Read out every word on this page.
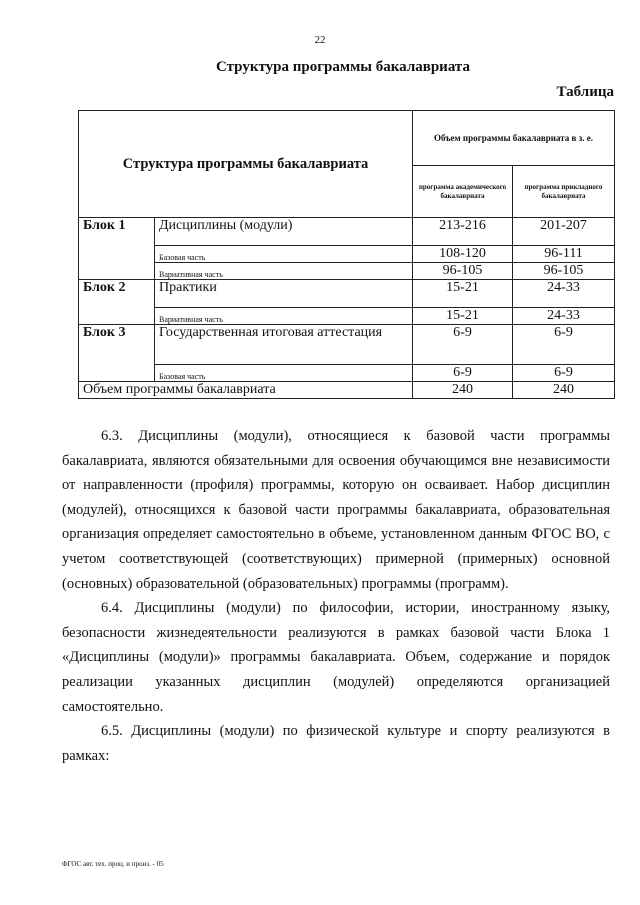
22
Структура программы бакалавриата
Таблица
Структура программы бакалавриата		Объем программы бакалавриата в з. е.	
		программа академического бакалавриата	программа прикладного бакалавриата
Блок 1	Дисциплины (модули)	213-216	201-207
	Базовая часть	108-120	96-111
	Вариативная часть	96-105	96-105
Блок 2	Практики	15-21	24-33
	Вариативная часть	15-21	24-33
Блок 3	Государственная итоговая аттестация	6-9	6-9
	Базовая часть	6-9	6-9
Объем программы бакалавриата		240	240

6.3. Дисциплины (модули), относящиеся к базовой части программы бакалавриата, являются обязательными для освоения обучающимся вне независимости от направленности (профиля) программы, которую он осваивает. Набор дисциплин (модулей), относящихся к базовой части программы бакалавриата, образовательная организация определяет самостоятельно в объеме, установленном данным ФГОС ВО, с учетом соответствующей (соответствующих) примерной (примерных) основной (основных) образовательной (образовательных) программы (программ).

6.4. Дисциплины (модули) по философии, истории, иностранному языку, безопасности жизнедеятельности реализуются в рамках базовой части Блока 1 «Дисциплины (модули)» программы бакалавриата. Объем, содержание и порядок реализации указанных дисциплин (модулей) определяются организацией самостоятельно.

6.5. Дисциплины (модули) по физической культуре и спорту реализуются в рамках:

ФГОС авт. тех. проц. и произ. - 05
